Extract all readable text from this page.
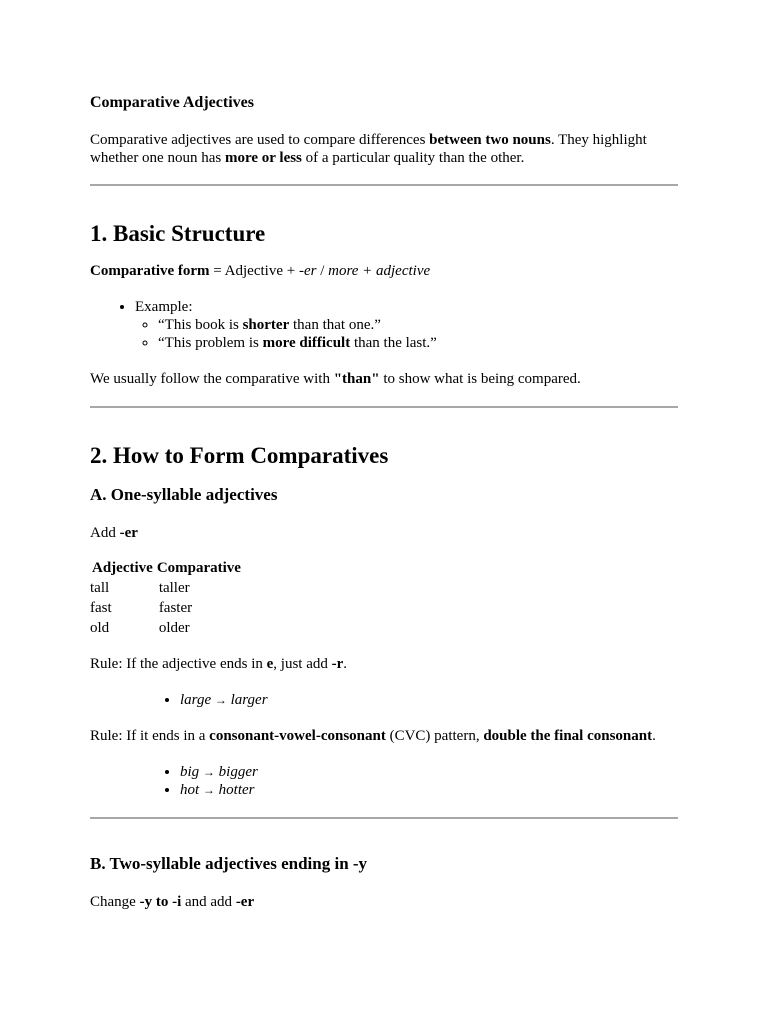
Comparative Adjectives

Comparative adjectives are used to compare differences between two nouns. They highlight whether one noun has more or less of a particular quality than the other.

1. Basic Structure

Comparative form = Adjective + -er / more + adjective

• Example:
◦ “This book is shorter than that one.”
◦ “This problem is more difficult than the last.”

We usually follow the comparative with "than" to show what is being compared.

2. How to Form Comparatives
A. One-syllable adjectives

Add -er

Adjective	Comparative
tall	taller
fast	faster
old	older

Rule: If the adjective ends in e, just add -r.

• large → larger

Rule: If it ends in a consonant-vowel-consonant (CVC) pattern, double the final consonant.

• big → bigger
• hot → hotter
B. Two-syllable adjectives ending in -y

Change -y to -i and add -er
